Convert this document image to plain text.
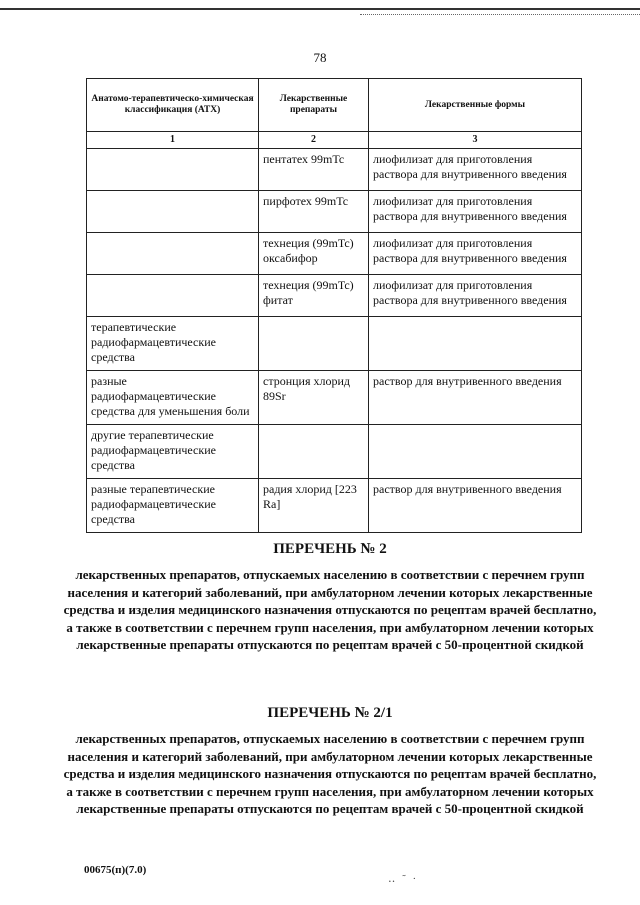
78
Анатомо-терапевтическо-химическая классификация (АТХ)	Лекарственные препараты	Лекарственные формы
1	2	3
	пентатех 99mTc	лиофилизат для приготовления раствора для внутривенного введения
	пирфотех 99mTc	лиофилизат для приготовления раствора для внутривенного введения
	технеция (99mTc) оксабифор	лиофилизат для приготовления раствора для внутривенного введения
	технеция (99mTc) фитат	лиофилизат для приготовления раствора для внутривенного введения
терапевтические радиофармацевтические средства		
разные радиофармацевтические средства для уменьшения боли	стронция хлорид 89Sr	раствор для внутривенного введения
другие терапевтические радиофармацевтические средства		
разные терапевтические радиофармацевтические средства	радия хлорид [223 Ra]	раствор для внутривенного введения
ПЕРЕЧЕНЬ № 2
лекарственных препаратов, отпускаемых населению в соответствии с перечнем групп населения и категорий заболеваний, при амбулаторном лечении которых лекарственные средства и изделия медицинского назначения отпускаются по рецептам врачей бесплатно, а также в соответствии с перечнем групп населения, при амбулаторном лечении которых лекарственные препараты отпускаются по рецептам врачей с 50-процентной скидкой
ПЕРЕЧЕНЬ № 2/1
лекарственных препаратов, отпускаемых населению в соответствии с перечнем групп населения и категорий заболеваний, при амбулаторном лечении которых лекарственные средства и изделия медицинского назначения отпускаются по рецептам врачей бесплатно, а также в соответствии с перечнем групп населения, при амбулаторном лечении которых лекарственные препараты отпускаются по рецептам врачей с 50-процентной скидкой
00675(п)(7.0)
‥ ˜ ·
